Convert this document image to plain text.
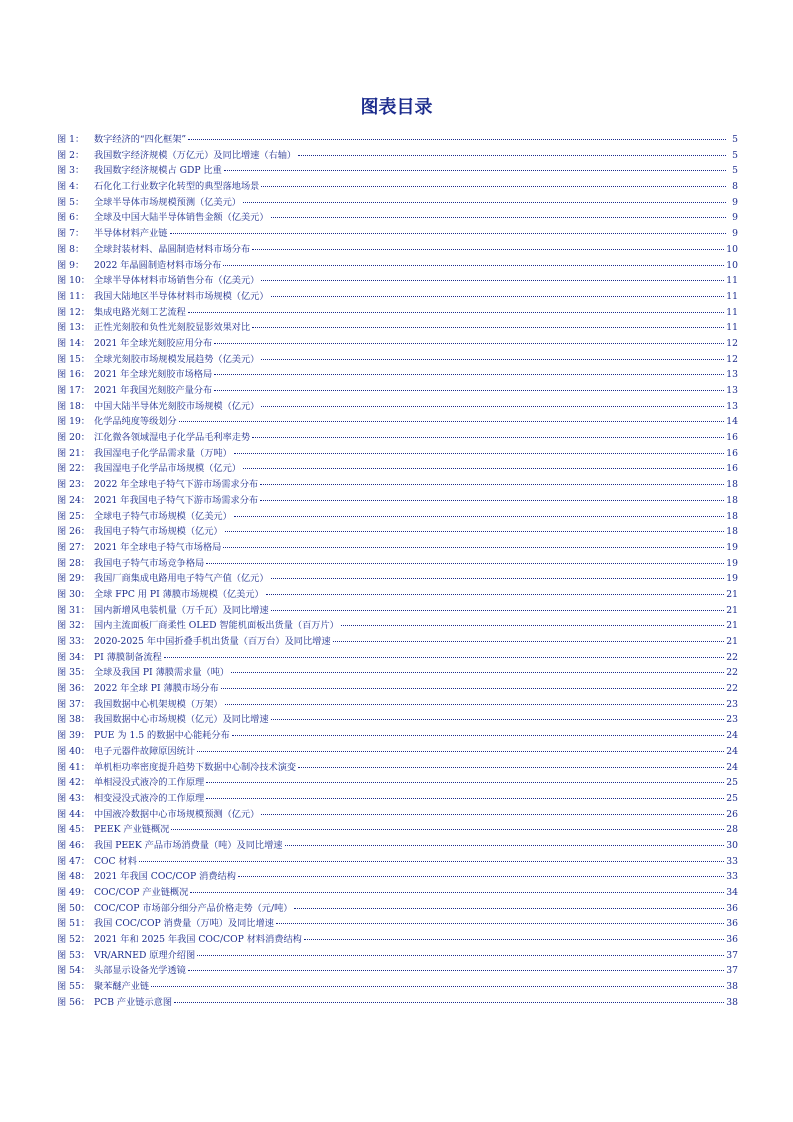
图表目录
图 1：	数字经济的“四化框架”	5
图 2：	我国数字经济规模（万亿元）及同比增速（右轴）	5
图 3：	我国数字经济规模占 GDP 比重	5
图 4：	石化化工行业数字化转型的典型落地场景	8
图 5：	全球半导体市场规模预测（亿美元）	9
图 6：	全球及中国大陆半导体销售金额（亿美元）	9
图 7：	半导体材料产业链	9
图 8：	全球封装材料、晶圆制造材料市场分布	10
图 9：	2022 年晶圆制造材料市场分布	10
图 10： 全球半导体材料市场销售分布（亿美元）	11
图 11： 我国大陆地区半导体材料市场规模（亿元）	11
图 12： 集成电路光刻工艺流程	11
图 13： 正性光刻胶和负性光刻胶显影效果对比	11
图 14： 2021 年全球光刻胶应用分布	12
图 15： 全球光刻胶市场规模发展趋势（亿美元）	12
图 16： 2021 年全球光刻胶市场格局	13
图 17： 2021 年我国光刻胶产量分布	13
图 18： 中国大陆半导体光刻胶市场规模（亿元）	13
图 19： 化学品纯度等级划分	14
图 20： 江化微各领域湿电子化学品毛利率走势	16
图 21： 我国湿电子化学品需求量（万吨）	16
图 22： 我国湿电子化学品市场规模（亿元）	16
图 23： 2022 年全球电子特气下游市场需求分布	18
图 24： 2021 年我国电子特气下游市场需求分布	18
图 25： 全球电子特气市场规模（亿美元）	18
图 26： 我国电子特气市场规模（亿元）	18
图 27： 2021 年全球电子特气市场格局	19
图 28： 我国电子特气市场竞争格局	19
图 29： 我国厂商集成电路用电子特气产值（亿元）	19
图 30： 全球 FPC 用 PI 薄膜市场规模（亿美元）	21
图 31： 国内新增风电装机量（万千瓦）及同比增速	21
图 32： 国内主流面板厂商柔性 OLED 智能机面板出货量（百万片）	21
图 33： 2020-2025 年中国折叠手机出货量（百万台）及同比增速	21
图 34： PI 薄膜制备流程	22
图 35： 全球及我国 PI 薄膜需求量（吨）	22
图 36： 2022 年全球 PI 薄膜市场分布	22
图 37： 我国数据中心机架规模（万架）	23
图 38： 我国数据中心市场规模（亿元）及同比增速	23
图 39： PUE 为 1.5 的数据中心能耗分布	24
图 40： 电子元器件故障原因统计	24
图 41： 单机柜功率密度提升趋势下数据中心制冷技术演变	24
图 42： 单相浸没式液冷的工作原理	25
图 43： 相变浸没式液冷的工作原理	25
图 44： 中国液冷数据中心市场规模预测（亿元）	26
图 45： PEEK 产业链概况	28
图 46： 我国 PEEK 产品市场消费量（吨）及同比增速	30
图 47： COC 材料	33
图 48： 2021 年我国 COC/COP 消费结构	33
图 49： COC/COP 产业链概况	34
图 50： COC/COP 市场部分细分产品价格走势（元/吨）	36
图 51： 我国 COC/COP 消费量（万吨）及同比增速	36
图 52： 2021 年和 2025 年我国 COC/COP 材料消费结构	36
图 53： VR/ARNED 原理介绍图	37
图 54： 头部显示设备光学透镜	37
图 55： 聚苯醚产业链	38
图 56： PCB 产业链示意图	38
